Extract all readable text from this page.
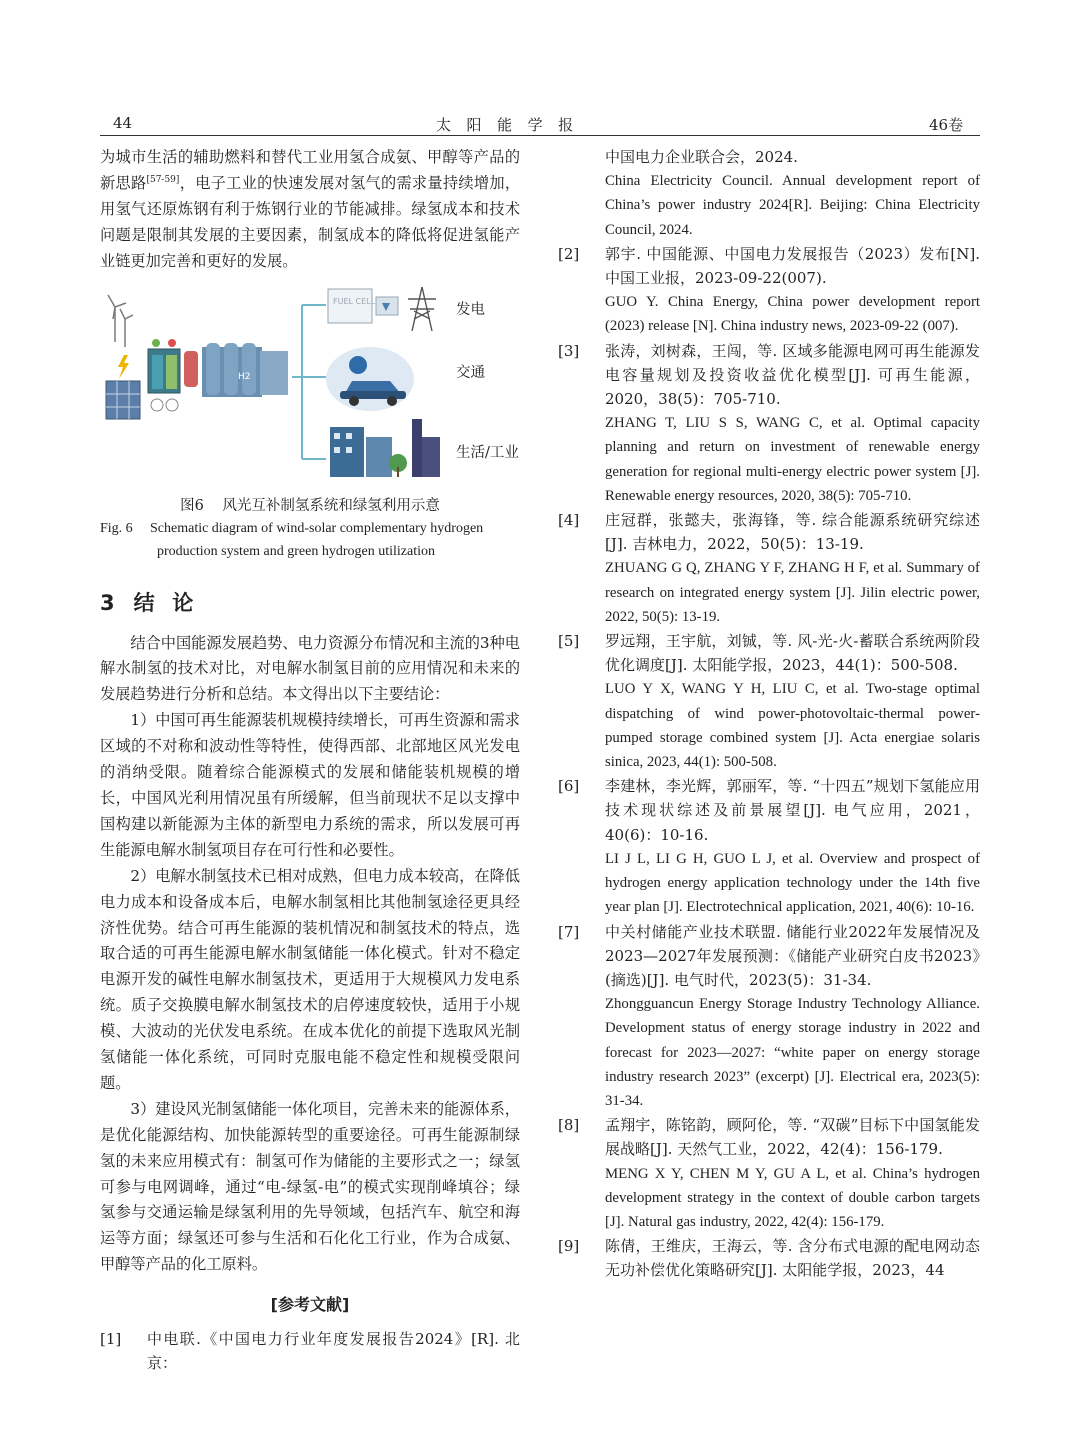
44	太  阳  能  学  报	46卷

为城市生活的辅助燃料和替代工业用氢合成氨、甲醇等产品的新思路[57-59]，电子工业的快速发展对氢气的需求量持续增加，用氢气还原炼钢有利于炼钢行业的节能减排。绿氢成本和技术问题是限制其发展的主要因素，制氢成本的降低将促进氢能产业链更加完善和更好的发展。

H2
FUEL CELL
发电
交通
生活/工业
图6    风光互补制氢系统和绿氢利用示意
Fig. 6 Schematic diagram of wind-solar complementary hydrogen
production system and green hydrogen utilization
3 结  论

结合中国能源发展趋势、电力资源分布情况和主流的3种电解水制氢的技术对比，对电解水制氢目前的应用情况和未来的发展趋势进行分析和总结。本文得出以下主要结论：

1）中国可再生能源装机规模持续增长，可再生资源和需求区域的不对称和波动性等特性，使得西部、北部地区风光发电的消纳受限。随着综合能源模式的发展和储能装机规模的增长，中国风光利用情况虽有所缓解，但当前现状不足以支撑中国构建以新能源为主体的新型电力系统的需求，所以发展可再生能源电解水制氢项目存在可行性和必要性。

2）电解水制氢技术已相对成熟，但电力成本较高，在降低电力成本和设备成本后，电解水制氢相比其他制氢途径更具经济性优势。结合可再生能源的装机情况和制氢技术的特点，选取合适的可再生能源电解水制氢储能一体化模式。针对不稳定电源开发的碱性电解水制氢技术，更适用于大规模风力发电系统。质子交换膜电解水制氢技术的启停速度较快，适用于小规模、大波动的光伏发电系统。在成本优化的前提下选取风光制氢储能一体化系统，可同时克服电能不稳定性和规模受限问题。

3）建设风光制氢储能一体化项目，完善未来的能源体系，是优化能源结构、加快能源转型的重要途径。可再生能源制绿氢的未来应用模式有：制氢可作为储能的主要形式之一；绿氢可参与电网调峰，通过“电-绿氢-电”的模式实现削峰填谷；绿氢参与交通运输是绿氢利用的先导领域，包括汽车、航空和海运等方面；绿氢还可参与生活和石化化工行业，作为合成氨、甲醇等产品的化工原料。

[参考文献]
[1]	中电联.《中国电力行业年度发展报告2024》[R]. 北京：
中国电力企业联合会，2024.
China Electricity Council. Annual development report of China’s power industry 2024[R]. Beijing: China Electricity Council, 2024.
[2]	郭宇. 中国能源、中国电力发展报告（2023）发布[N]. 中国工业报，2023-09-22(007).
GUO Y. China Energy, China power development report (2023) release [N]. China industry news, 2023-09-22 (007).
[3]	张涛，刘树森，王闯，等. 区域多能源电网可再生能源发电容量规划及投资收益优化模型[J]. 可再生能源，2020，38(5)：705-710.
ZHANG T, LIU S S, WANG C, et al. Optimal capacity planning and return on investment of renewable energy generation for regional multi-energy electric power system [J]. Renewable energy resources, 2020, 38(5): 705-710.
[4]	庄冠群，张懿夫，张海锋，等. 综合能源系统研究综述[J]. 吉林电力，2022，50(5)：13-19.
ZHUANG G Q, ZHANG Y F, ZHANG H F, et al. Summary of research on integrated energy system [J]. Jilin electric power, 2022, 50(5): 13-19.
[5]	罗远翔，王宇航，刘铖，等. 风-光-火-蓄联合系统两阶段优化调度[J]. 太阳能学报，2023，44(1)：500-508.
LUO Y X, WANG Y H, LIU C, et al. Two-stage optimal dispatching of wind power-photovoltaic-thermal power-pumped storage combined system [J]. Acta energiae solaris sinica, 2023, 44(1): 500-508.
[6]	李建林，李光辉，郭丽军，等. “十四五”规划下氢能应用技术现状综述及前景展望[J]. 电气应用，2021，40(6)：10-16.
LI J L, LI G H, GUO L J, et al. Overview and prospect of hydrogen energy application technology under the 14th five year plan [J]. Electrotechnical application, 2021, 40(6): 10-16.
[7]	中关村储能产业技术联盟. 储能行业2022年发展情况及2023—2027年发展预测：《储能产业研究白皮书2023》(摘选)[J]. 电气时代，2023(5)：31-34.
Zhongguancun Energy Storage Industry Technology Alliance. Development status of energy storage industry in 2022 and forecast for 2023—2027: “white paper on energy storage industry research 2023” (excerpt) [J]. Electrical era, 2023(5): 31-34.
[8]	孟翔宇，陈铭韵，顾阿伦，等. “双碳”目标下中国氢能发展战略[J]. 天然气工业，2022，42(4)：156-179.
MENG X Y, CHEN M Y, GU A L, et al. China’s hydrogen development strategy in the context of double carbon targets [J]. Natural gas industry, 2022, 42(4): 156-179.
[9]	陈倩，王维庆，王海云，等. 含分布式电源的配电网动态无功补偿优化策略研究[J]. 太阳能学报，2023，44
